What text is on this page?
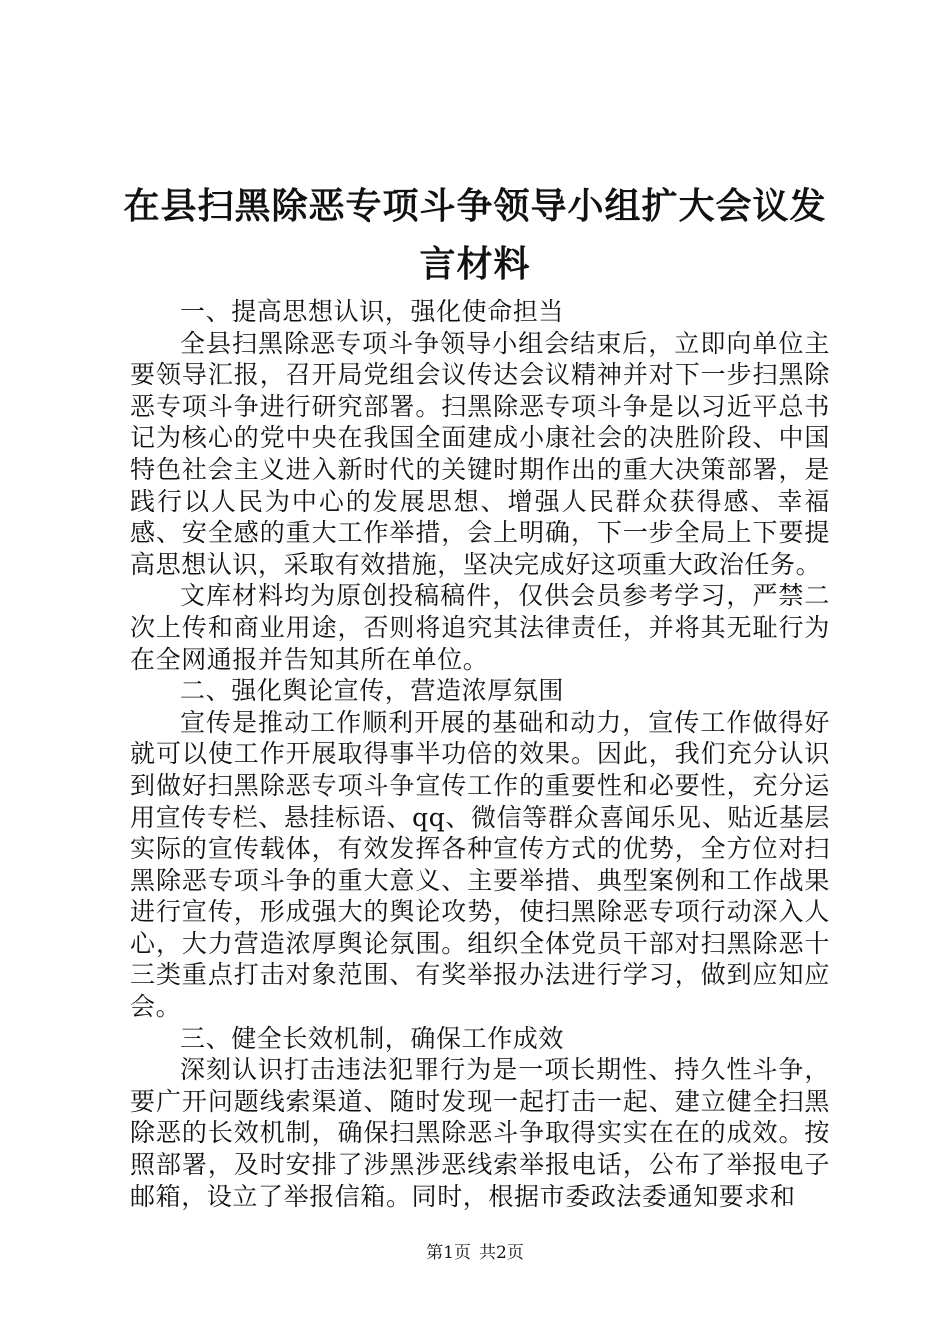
在县扫黑除恶专项斗争领导小组扩大会议发言材料

一、提高思想认识，强化使命担当

全县扫黑除恶专项斗争领导小组会结束后，立即向单位主要领导汇报，召开局党组会议传达会议精神并对下一步扫黑除恶专项斗争进行研究部署。扫黑除恶专项斗争是以习近平总书记为核心的党中央在我国全面建成小康社会的决胜阶段、中国特色社会主义进入新时代的关键时期作出的重大决策部署，是践行以人民为中心的发展思想、增强人民群众获得感、幸福感、安全感的重大工作举措，会上明确，下一步全局上下要提高思想认识，采取有效措施，坚决完成好这项重大政治任务。

文库材料均为原创投稿稿件，仅供会员参考学习，严禁二次上传和商业用途，否则将追究其法律责任，并将其无耻行为在全网通报并告知其所在单位。

二、强化舆论宣传，营造浓厚氛围

宣传是推动工作顺利开展的基础和动力，宣传工作做得好就可以使工作开展取得事半功倍的效果。因此，我们充分认识到做好扫黑除恶专项斗争宣传工作的重要性和必要性，充分运用宣传专栏、悬挂标语、qq、微信等群众喜闻乐见、贴近基层实际的宣传载体，有效发挥各种宣传方式的优势，全方位对扫黑除恶专项斗争的重大意义、主要举措、典型案例和工作战果进行宣传，形成强大的舆论攻势，使扫黑除恶专项行动深入人心，大力营造浓厚舆论氛围。组织全体党员干部对扫黑除恶十三类重点打击对象范围、有奖举报办法进行学习，做到应知应会。

三、健全长效机制，确保工作成效

深刻认识打击违法犯罪行为是一项长期性、持久性斗争，要广开问题线索渠道、随时发现一起打击一起、建立健全扫黑除恶的长效机制，确保扫黑除恶斗争取得实实在在的成效。按照部署，及时安排了涉黑涉恶线索举报电话，公布了举报电子邮箱，设立了举报信箱。同时，根据市委政法委通知要求和

第1页 共2页
